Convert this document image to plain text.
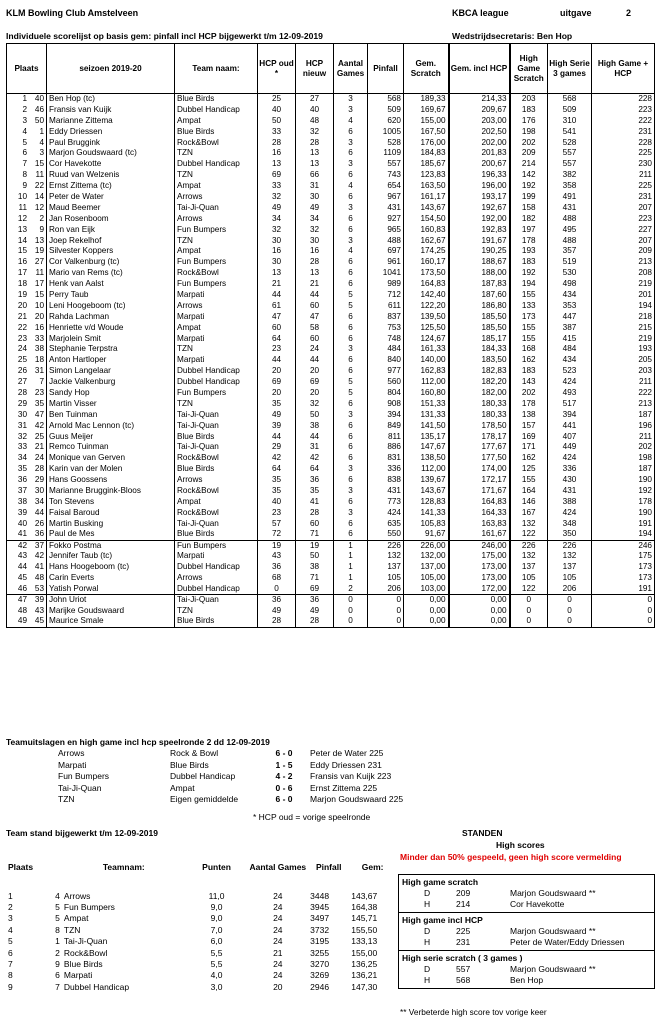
KLM Bowling Club Amstelveen	KBCA league	uitgave	2
Individuele scorelijst op basis gem: pinfall incl HCP bijgewerkt t/m 12-09-2019	Wedstrijdsecretaris: Ben Hop
Plaats	seizoen 2019-20	Team naam:	HCP oud *	HCP nieuw	Aantal Games	Pinfall	Gem. Scratch	Gem. incl HCP	High Game Scratch	High Serie 3 games	High Game + HCP
1 40	Ben Hop (tc)	Blue Birds	25	27	3	568	189,33	214,33	203	568	228
2 46	Fransis van Kuijk	Dubbel Handicap	40	40	3	509	169,67	209,67	183	509	223
3 50	Marianne Zittema	Ampat	50	48	4	620	155,00	203,00	176	310	222
4 1	Eddy Driessen	Blue Birds	33	32	6	1005	167,50	202,50	198	541	231
5 4	Paul Bruggink	Rock&Bowl	28	28	3	528	176,00	202,00	202	528	228
6 3	Marjon Goudswaard (tc)	TZN	16	13	6	1109	184,83	201,83	209	557	225
7 15	Cor Havekotte	Dubbel Handicap	13	13	3	557	185,67	200,67	214	557	230
8 11	Ruud van Welzenis	TZN	69	66	6	743	123,83	196,33	142	382	211
9 22	Ernst Zittema (tc)	Ampat	33	31	4	654	163,50	196,00	192	358	225
10 14	Peter de Water	Arrows	32	30	6	967	161,17	193,17	199	491	231
11 12	Maud Beemer	Tai-Ji-Quan	49	49	3	431	143,67	192,67	158	431	207
12 2	Jan Rosenboom	Arrows	34	34	6	927	154,50	192,00	182	488	223
13 9	Ron van Eijk	Fun Bumpers	32	32	6	965	160,83	192,83	197	495	227
14 13	Joep Rekelhof	TZN	30	30	3	488	162,67	191,67	178	488	207
15 19	Silvester Koppers	Ampat	16	16	4	697	174,25	190,25	193	357	209
16 27	Cor Valkenburg (tc)	Fun Bumpers	30	28	6	961	160,17	188,67	183	519	213
17 11	Mario van Rems (tc)	Rock&Bowl	13	13	6	1041	173,50	188,00	192	530	208
18 17	Henk van Aalst	Fun Bumpers	21	21	6	989	164,83	187,83	194	498	219
19 15	Perry Taub	Marpati	44	44	5	712	142,40	187,60	155	434	201
20 10	Leni Hoogeboom (tc)	Arrows	61	60	5	611	122,20	186,80	133	353	194
21 20	Rahda Lachman	Marpati	47	47	6	837	139,50	185,50	173	447	218
22 16	Henriette v/d Woude	Ampat	60	58	6	753	125,50	185,50	155	387	215
23 33	Marjolein Smit	Marpati	64	60	6	748	124,67	185,17	155	415	219
24 38	Stephanie Terpstra	TZN	23	24	3	484	161,33	184,33	168	484	193
25 18	Anton Hartloper	Marpati	44	44	6	840	140,00	183,50	162	434	205
26 31	Simon Langelaar	Dubbel Handicap	20	20	6	977	162,83	182,83	183	523	203
27 7	Jackie Valkenburg	Dubbel Handicap	69	69	5	560	112,00	182,20	143	424	211
28 23	Sandy Hop	Fun Bumpers	20	20	5	804	160,80	182,00	202	493	222
29 35	Martin Visser	TZN	35	32	6	908	151,33	180,33	178	517	213
30 47	Ben Tuinman	Tai-Ji-Quan	49	50	3	394	131,33	180,33	138	394	187
31 42	Arnold Mac Lennon (tc)	Tai-Ji-Quan	39	38	6	849	141,50	178,50	157	441	196
32 25	Guus Meijer	Blue Birds	44	44	6	811	135,17	178,17	169	407	211
33 21	Remco Tuinman	Tai-Ji-Quan	29	31	6	886	147,67	177,67	171	449	202
34 24	Monique van Gerven	Rock&Bowl	42	42	6	831	138,50	177,50	162	424	198
35 28	Karin van der Molen	Blue Birds	64	64	3	336	112,00	174,00	125	336	187
36 29	Hans Goossens	Arrows	35	36	6	838	139,67	172,17	155	430	190
37 30	Marianne Bruggink-Bloos	Rock&Bowl	35	35	3	431	143,67	171,67	164	431	192
38 34	Ton Stevens	Ampat	40	41	6	773	128,83	164,83	146	388	178
39 44	Faisal Baroud	Rock&Bowl	23	28	3	424	141,33	164,33	167	424	190
40 26	Martin Busking	Tai-Ji-Quan	57	60	6	635	105,83	163,83	132	348	191
41 36	Paul de Mes	Blue Birds	72	71	6	550	91,67	161,67	122	350	194
42 37	Fokko Postma	Fun Bumpers	19	19	1	226	226,00	246,00	226	226	246
43 42	Jennifer Taub (tc)	Marpati	43	50	1	132	132,00	175,00	132	132	175
44 41	Hans Hoogeboom (tc)	Dubbel Handicap	36	38	1	137	137,00	173,00	137	137	173
45 48	Carin Everts	Arrows	68	71	1	105	105,00	173,00	105	105	173
46 53	Yatish Porwal	Dubbel Handicap	0	69	2	206	103,00	172,00	122	206	191
47 39	John Uriot	Tai-Ji-Quan	36	36	0	0	0,00	0,00	0	0	0
48 43	Marijke Goudswaard	TZN	49	49	0	0	0,00	0,00	0	0	0
49 45	Maurice Smale	Blue Birds	28	28	0	0	0,00	0,00	0	0	0
Teamuitslagen en high game incl hcp speelronde 2 dd 12-09-2019
Arrows	Rock & Bowl	6 - 0	Peter de Water 225
Marpati	Blue Birds	1 - 5	Eddy Driessen 231
Fun Bumpers	Dubbel Handicap	4 - 2	Fransis van Kuijk 223
Tai-Ji-Quan	Ampat	0 - 6	Ernst Zittema 225
TZN	Eigen gemiddelde	6 - 0	Marjon Goudswaard 225
* HCP oud = vorige speelronde
Team stand bijgewerkt t/m 12-09-2019	STANDEN
Plaats		Teamnam:	Punten	Aantal Games	Pinfall	Gem:

1	4	Arrows	11,0	24	3448	143,67
2	5	Fun Bumpers	9,0	24	3945	164,38
3	5	Ampat	9,0	24	3497	145,71
4	8	TZN	7,0	24	3732	155,50
5	1	Tai-Ji-Quan	6,0	24	3195	133,13
6	2	Rock&Bowl	5,5	21	3255	155,00
7	9	Blue Birds	5,5	24	3270	136,25
8	6	Marpati	4,0	24	3269	136,21
9	7	Dubbel Handicap	3,0	20	2946	147,30
High scores
Minder dan 50% gespeeld, geen high score vermelding
High game scratch
D	209	Marjon Goudswaard **
H	214	Cor Havekotte
High game incl HCP
D	225	Marjon Goudswaard **
H	231	Peter de Water/Eddy Driessen
High serie scratch ( 3 games )
D	557	Marjon Goudswaard **
H	568	Ben Hop
** Verbeterde high score tov vorige keer
